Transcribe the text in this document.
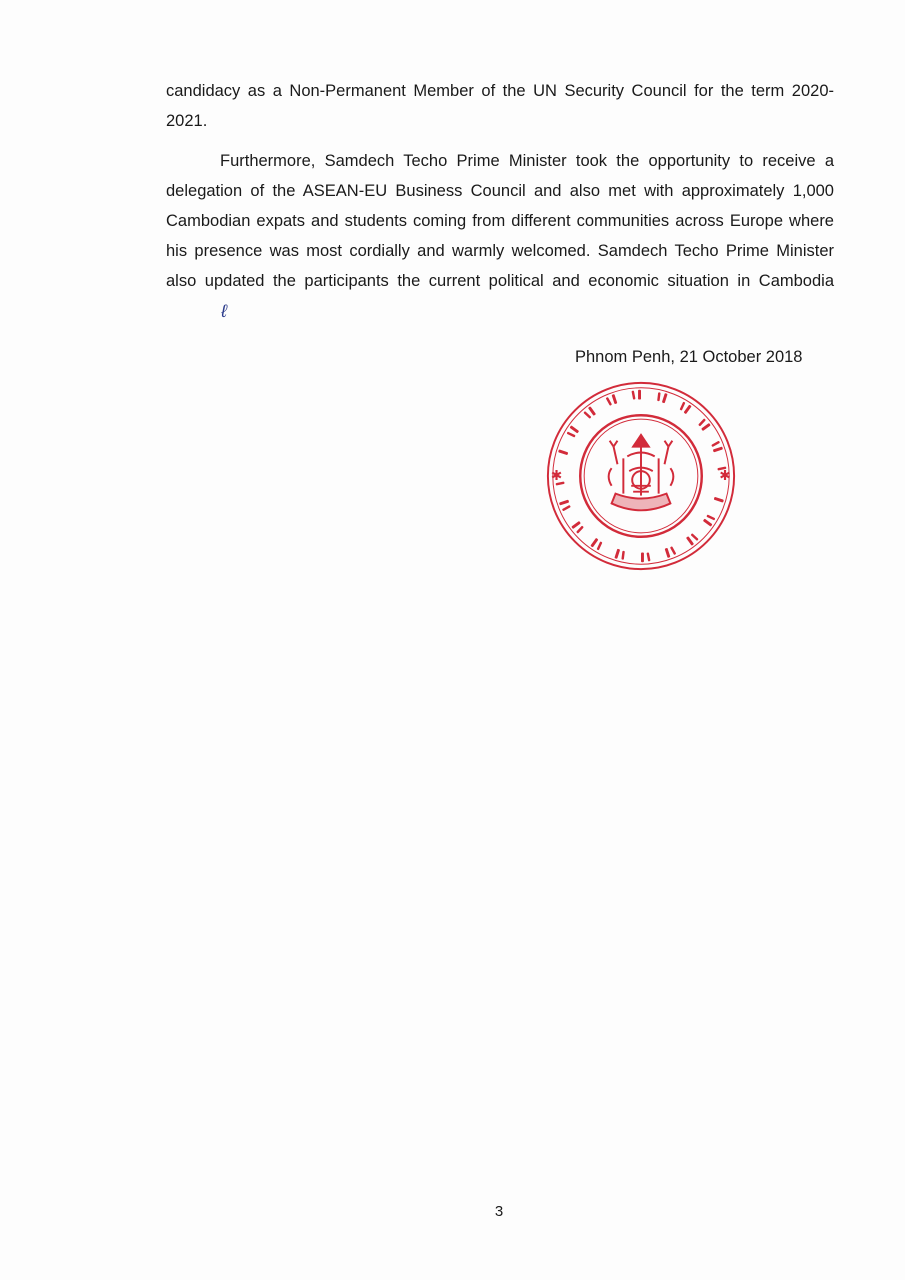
candidacy as a Non-Permanent Member of the UN Security Council for the term 2020-2021.

Furthermore, Samdech Techo Prime Minister took the opportunity to receive a delegation of the ASEAN-EU Business Council and also met with approximately 1,000 Cambodian expats and students coming from different communities across Europe where his presence was most cordially and warmly welcomed. Samdech Techo Prime Minister also updated the participants the current political and economic situation in Cambodiaℓ

Phnom Penh, 21 October 2018
✱
✱
3
